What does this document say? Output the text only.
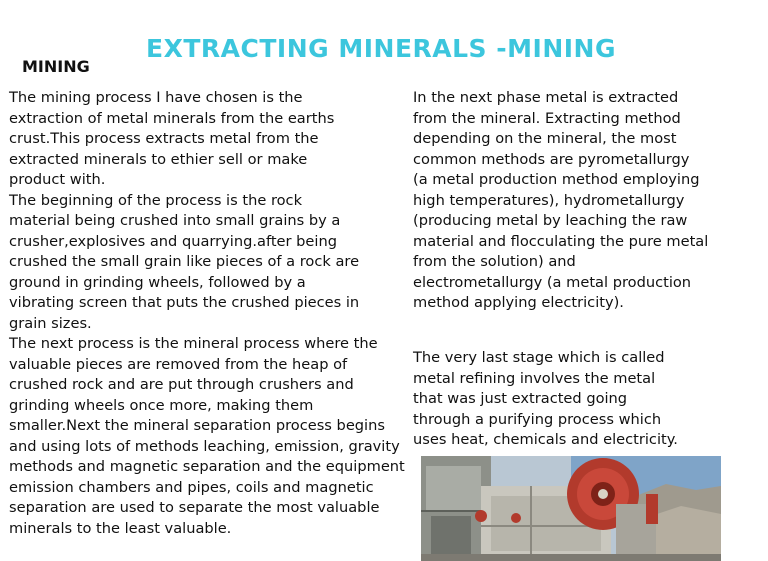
EXTRACTING MINERALS -MINING
MINING

The mining process I have chosen is the

extraction of metal minerals from the earths

crust.This process extracts metal from the

extracted minerals to ethier sell or make

product with.

The beginning of the process is the rock

material being crushed into small grains by a

crusher,explosives and quarrying.after being

crushed the small grain like pieces of a rock are

ground in grinding wheels, followed by a

vibrating screen that puts the crushed pieces in

grain sizes.

The next process is the mineral process where the

valuable pieces are removed from the heap of

crushed rock and are put through crushers and

grinding wheels once more, making them

smaller.Next the mineral separation process begins

and using lots of methods leaching, emission, gravity

methods and magnetic separation and the equipment

emission chambers and pipes, coils and magnetic

separation are used to separate the most valuable

minerals to the least valuable.

In the next phase metal is extracted

from the mineral. Extracting method

depending on the mineral, the most

common methods are pyrometallurgy

(a metal production method employing

high temperatures), hydrometallurgy

(producing metal by leaching the raw

material and flocculating the pure metal

from the solution) and

electrometallurgy (a metal production

method applying electricity).

The very last stage which is called

metal refining involves the metal

that was just extracted going

through a purifying process which

uses heat, chemicals and electricity.
